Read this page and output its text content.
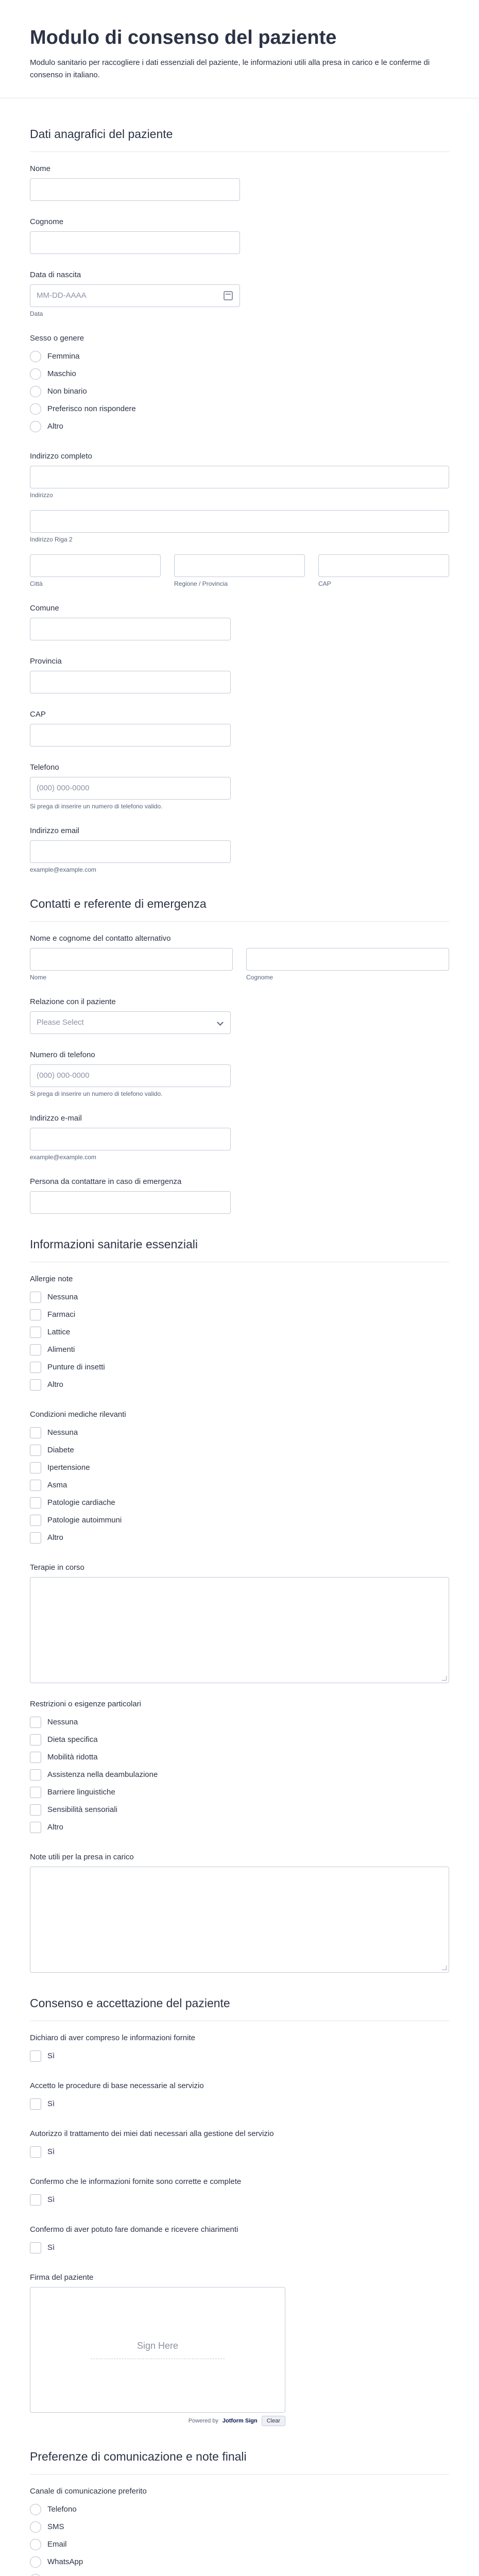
Modulo di consenso del paziente

Modulo sanitario per raccogliere i dati essenziali del paziente, le informazioni utili alla presa in carico e le conferme di consenso in italiano.

Dati anagrafici del paziente
Nome
Cognome
Data di nascita
MM-DD-AAAA
Data
Sesso o genere
Femmina
Maschio
Non binario
Preferisco non rispondere
Altro
Indirizzo completo
Indirizzo
Indirizzo Riga 2
Città	Regione / Provincia	CAP
Comune
Provincia
CAP
Telefono
(000) 000-0000
Si prega di inserire un numero di telefono valido.
Indirizzo email
example@example.com
Contatti e referente di emergenza
Nome e cognome del contatto alternativo
Nome	Cognome
Relazione con il paziente
Please Select
Numero di telefono
(000) 000-0000
Si prega di inserire un numero di telefono valido.
Indirizzo e-mail
example@example.com
Persona da contattare in caso di emergenza
Informazioni sanitarie essenziali
Allergie note
Nessuna
Farmaci
Lattice
Alimenti
Punture di insetti
Altro
Condizioni mediche rilevanti
Nessuna
Diabete
Ipertensione
Asma
Patologie cardiache
Patologie autoimmuni
Altro
Terapie in corso
Restrizioni o esigenze particolari
Nessuna
Dieta specifica
Mobilità ridotta
Assistenza nella deambulazione
Barriere linguistiche
Sensibilità sensoriali
Altro
Note utili per la presa in carico
Consenso e accettazione del paziente
Dichiaro di aver compreso le informazioni fornite
Sì
Accetto le procedure di base necessarie al servizio
Sì
Autorizzo il trattamento dei miei dati necessari alla gestione del servizio
Sì
Confermo che le informazioni fornite sono corrette e complete
Sì
Confermo di aver potuto fare domande e ricevere chiarimenti
Sì
Firma del paziente
Sign Here
Powered by Jotform Sign	Clear
Preferenze di comunicazione e note finali
Canale di comunicazione preferito
Telefono
SMS
Email
WhatsApp
